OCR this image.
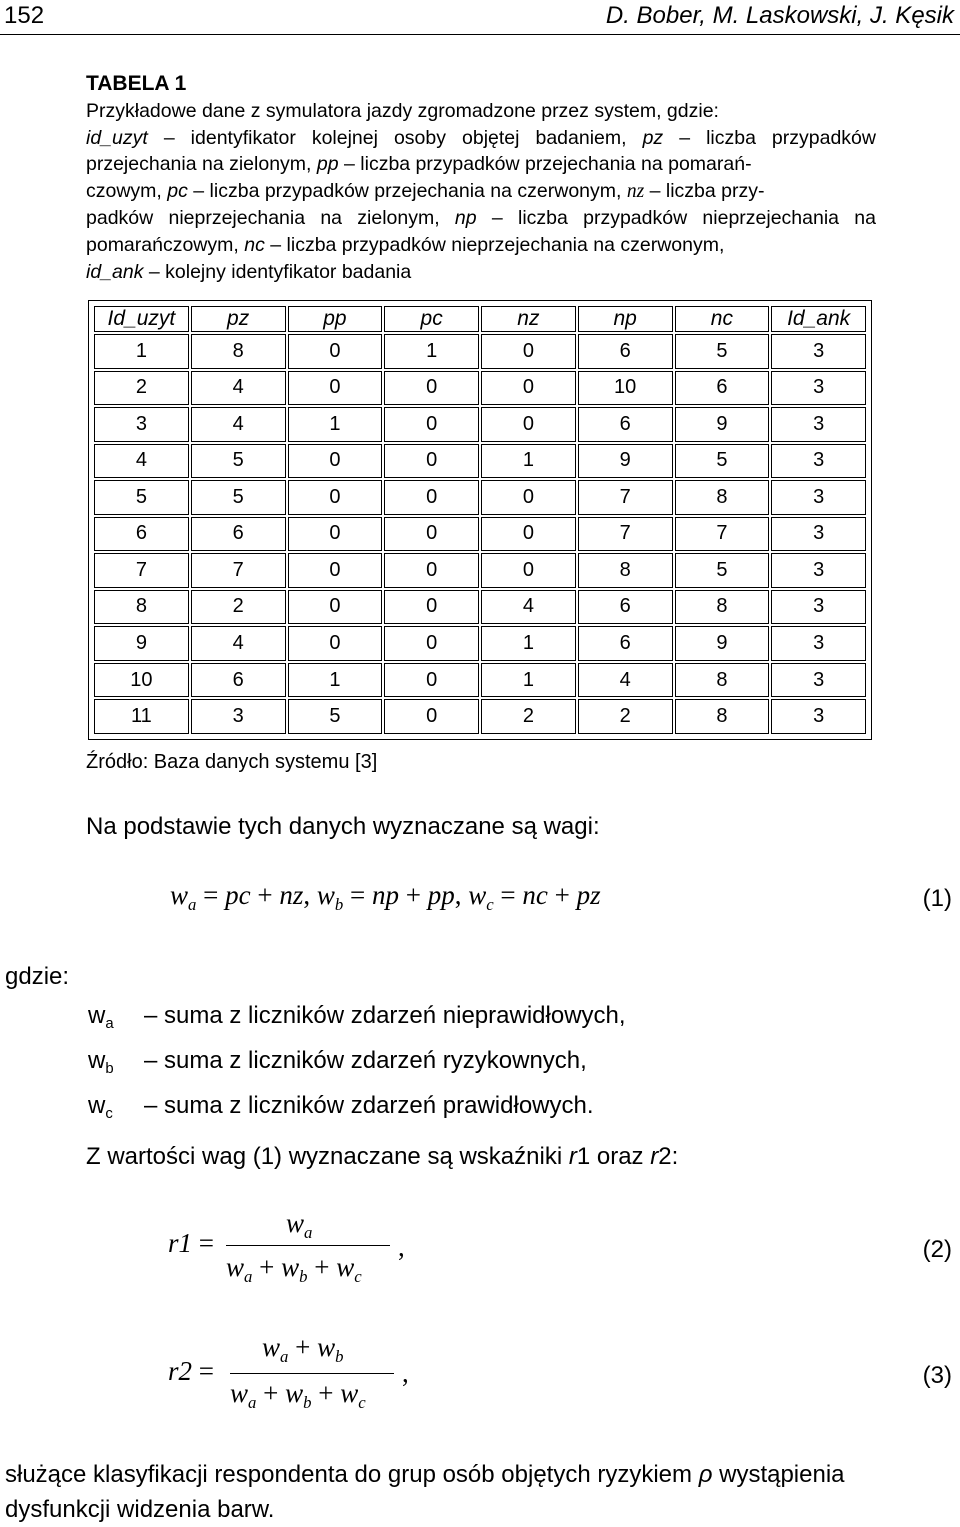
152	D. Bober, M. Laskowski, J. Kęsik
TABELA 1
Przykładowe dane z symulatora jazdy zgromadzone przez system, gdzie:
id_uzyt – identyfikator kolejnej osoby objętej badaniem, pz – liczba przypadków przejechania na zielonym, pp – liczba przypadków przejechania na pomarań-
czowym, pc – liczba przypadków przejechania na czerwonym, nz – liczba przy-
padków nieprzejechania na zielonym, np – liczba przypadków nieprzejechania na pomarańczowym, nc – liczba przypadków nieprzejechania na czerwonym,
id_ank – kolejny identyfikator badania
Id_uzyt	pz	pp	pc	nz	np	nc	Id_ank
1	8	0	1	0	6	5	3
2	4	0	0	0	10	6	3
3	4	1	0	0	6	9	3
4	5	0	0	1	9	5	3
5	5	0	0	0	7	8	3
6	6	0	0	0	7	7	3
7	7	0	0	0	8	5	3
8	2	0	0	4	6	8	3
9	4	0	0	1	6	9	3
10	6	1	0	1	4	8	3
11	3	5	0	2	2	8	3
Źródło: Baza danych systemu [3]
Na podstawie tych danych wyznaczane są wagi:
$w_a$ = pc + nz, $w_b$ = np + pp, $w_c$ = nc + pz	(1)
gdzie:
$w_a$ – suma z liczników zdarzeń nieprawidłowych,
$w_b$ – suma z liczników zdarzeń ryzykownych,
$w_c$ – suma z liczników zdarzeń prawidłowych.
Z wartości wag (1) wyznaczane są wskaźniki r1 oraz r2:
r1 =
$w_a$
$w_a + w_b + w_c$
,	(2)
r2 =
$w_a + w_b$
$w_a + w_b + w_c$
,	(3)
służące klasyfikacji respondenta do grup osób objętych ryzykiem ρ wystąpienia
dysfunkcji widzenia barw.
